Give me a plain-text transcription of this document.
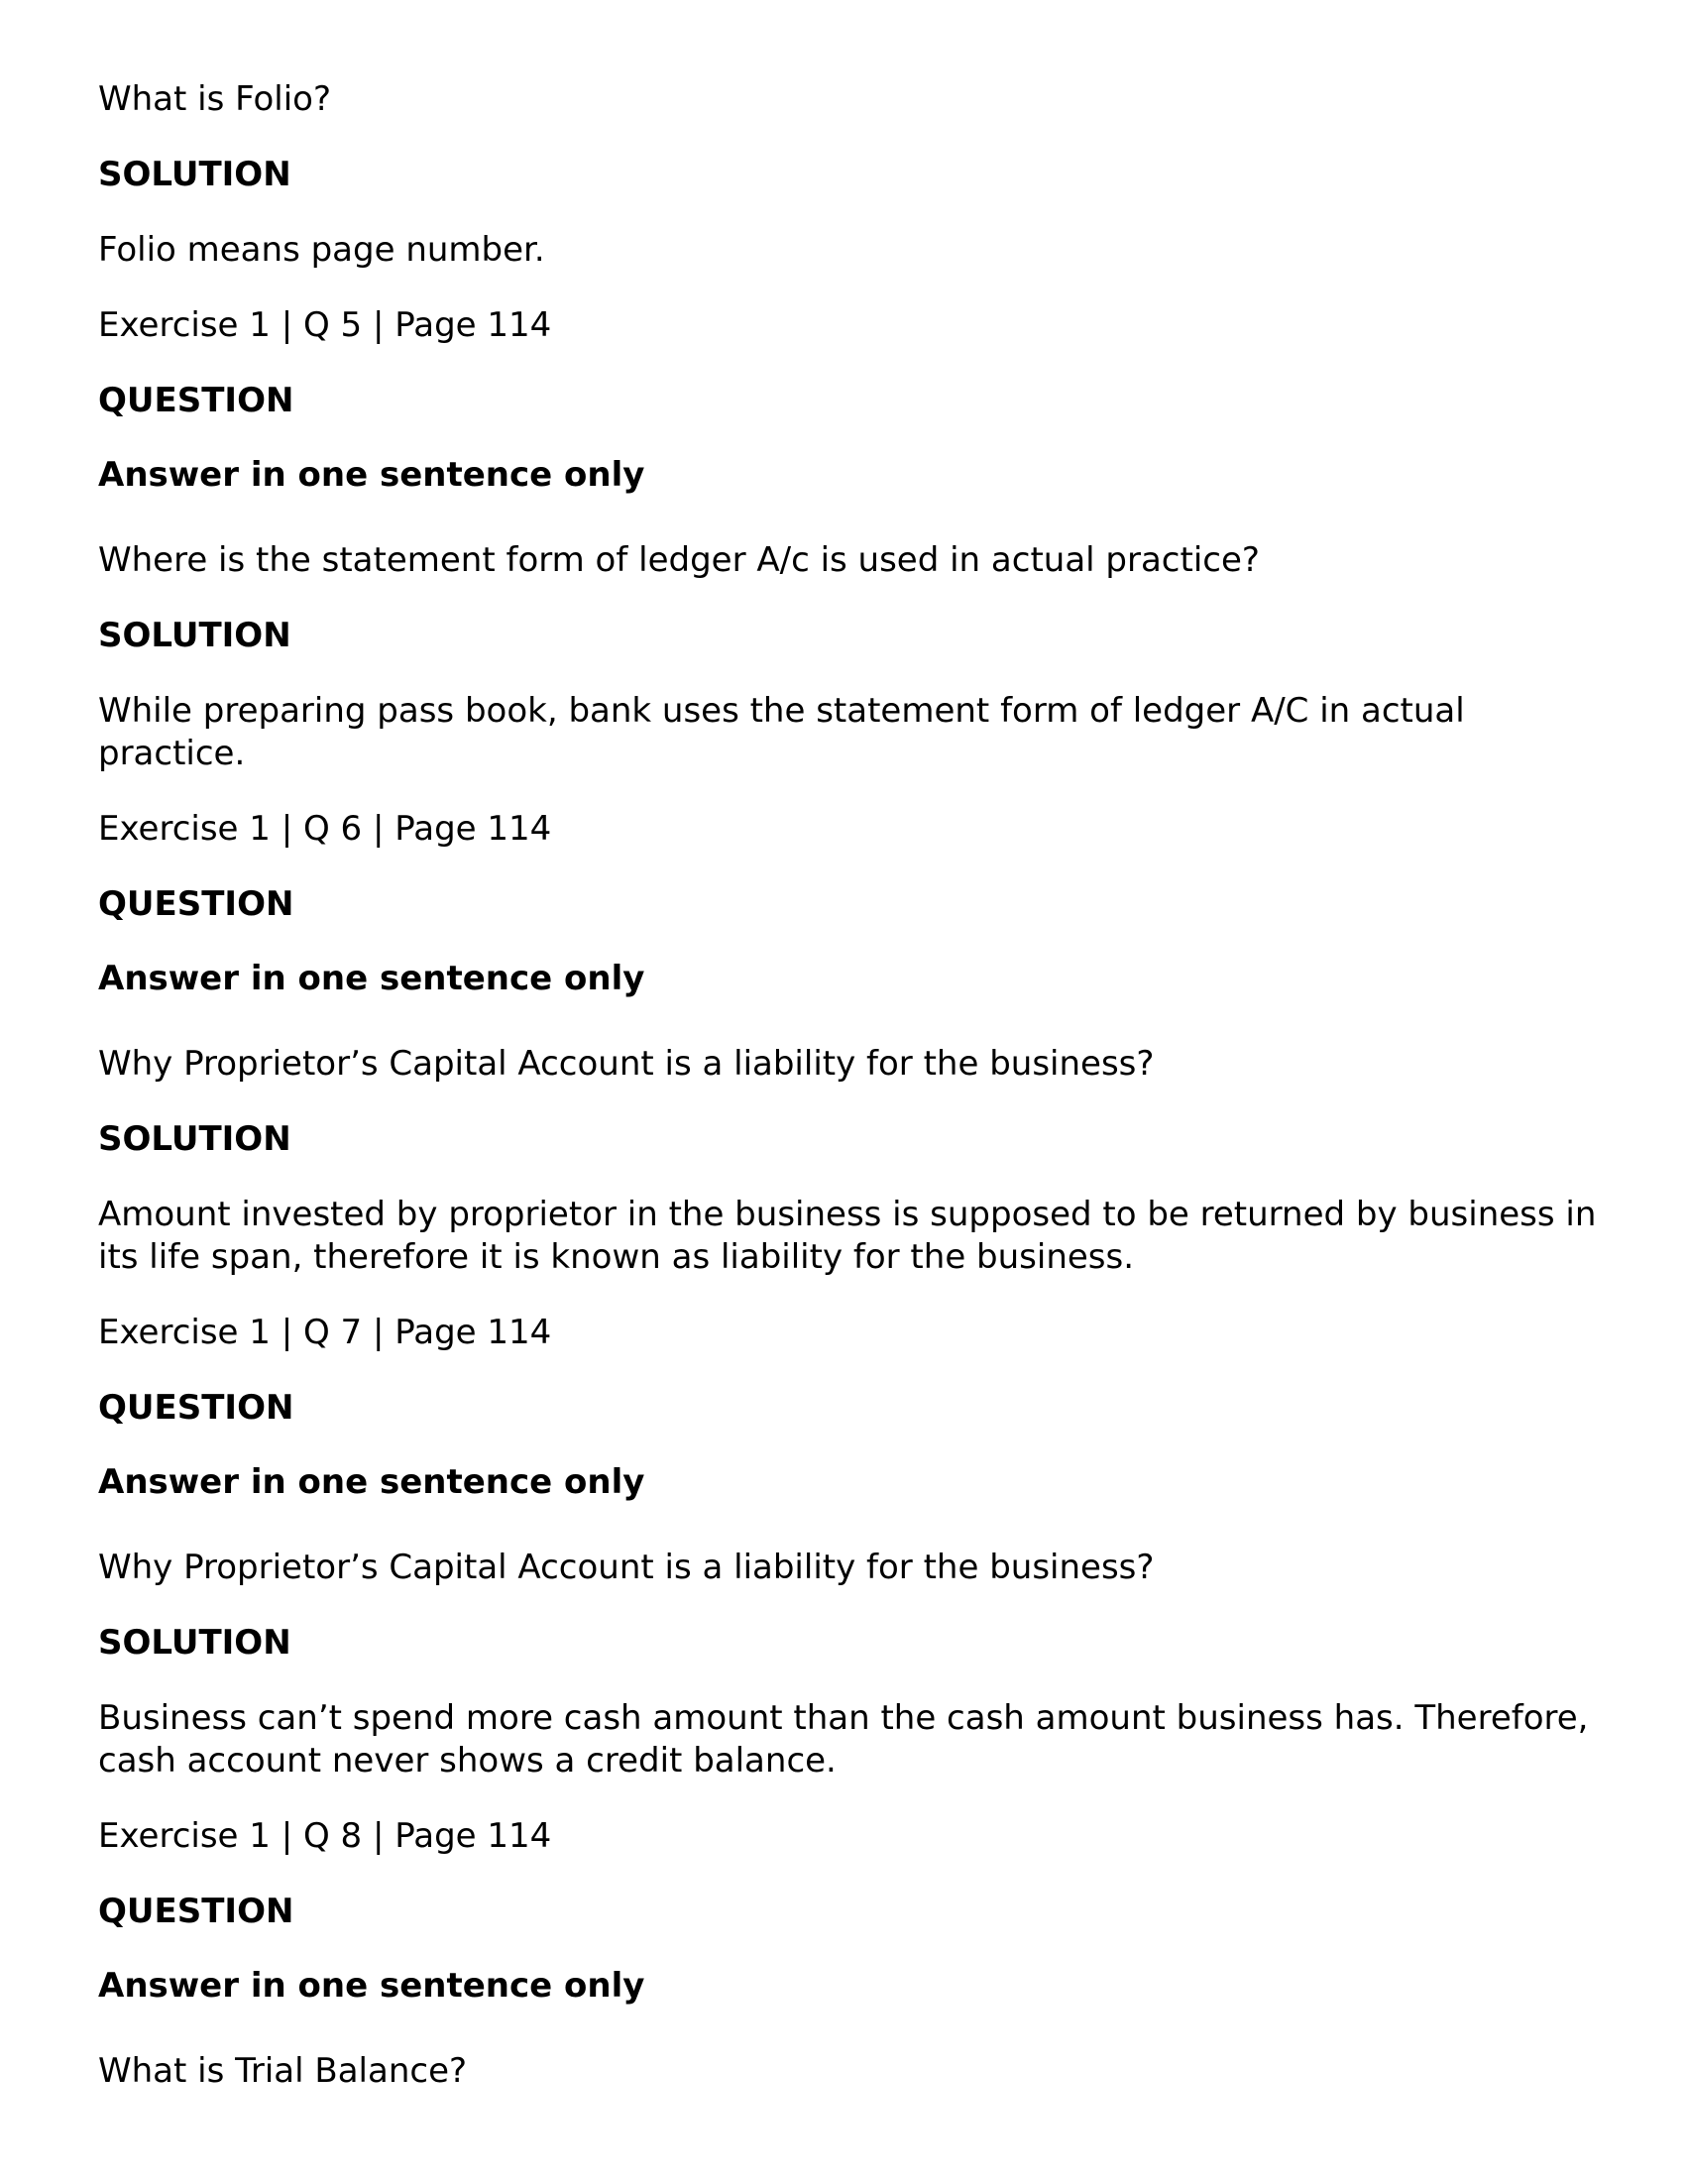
What is Folio?

SOLUTION

Folio means page number.

Exercise 1 | Q 5 | Page 114

QUESTION

Answer in one sentence only

Where is the statement form of ledger A/c is used in actual practice?

SOLUTION

While preparing pass book, bank uses the statement form of ledger A/C in actual practice.

Exercise 1 | Q 6 | Page 114

QUESTION

Answer in one sentence only

Why Proprietor’s Capital Account is a liability for the business?

SOLUTION

Amount invested by proprietor in the business is supposed to be returned by business in its life span, therefore it is known as liability for the business.

Exercise 1 | Q 7 | Page 114

QUESTION

Answer in one sentence only

Why Proprietor’s Capital Account is a liability for the business?

SOLUTION

Business can’t spend more cash amount than the cash amount business has. Therefore, cash account never shows a credit balance.

Exercise 1 | Q 8 | Page 114

QUESTION

Answer in one sentence only

What is Trial Balance?
